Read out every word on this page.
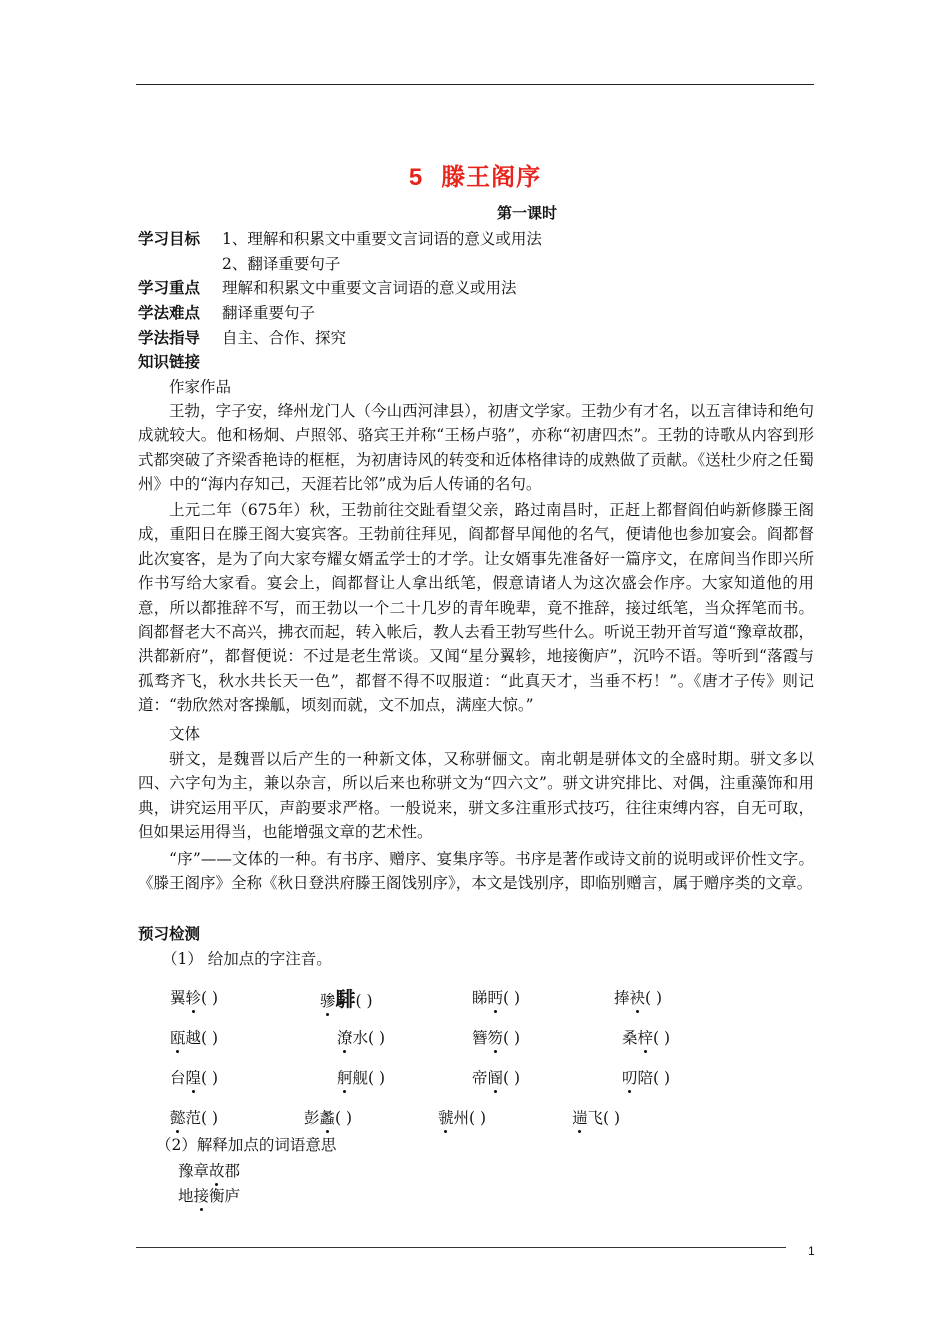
5 滕王阁序
第一课时
学习目标 1、理解和积累文中重要文言词语的意义或用法
2、翻译重要句子
学习重点 理解和积累文中重要文言词语的意义或用法
学法难点 翻译重要句子
学法指导 自主、合作、探究
知识链接
作家作品
王勃，字子安，绛州龙门人（今山西河津县），初唐文学家。王勃少有才名，以五言律诗和绝句成就较大。他和杨炯、卢照邻、骆宾王并称“王杨卢骆”，亦称“初唐四杰”。王勃的诗歌从内容到形式都突破了齐梁香艳诗的框框，为初唐诗风的转变和近体格律诗的成熟做了贡献。《送杜少府之任蜀州》中的“海内存知己，天涯若比邻”成为后人传诵的名句。
上元二年（675年）秋，王勃前往交趾看望父亲，路过南昌时，正赶上都督阎伯屿新修滕王阁成，重阳日在滕王阁大宴宾客。王勃前往拜见，阎都督早闻他的名气，便请他也参加宴会。阎都督此次宴客，是为了向大家夸耀女婿孟学士的才学。让女婿事先准备好一篇序文，在席间当作即兴所作书写给大家看。宴会上，阎都督让人拿出纸笔，假意请诸人为这次盛会作序。大家知道他的用意，所以都推辞不写，而王勃以一个二十几岁的青年晚辈，竟不推辞，接过纸笔，当众挥笔而书。阎都督老大不高兴，拂衣而起，转入帐后，教人去看王勃写些什么。听说王勃开首写道“豫章故郡，洪都新府”，都督便说：不过是老生常谈。又闻“星分翼轸，地接衡庐”，沉吟不语。等听到“落霞与孤骛齐飞，秋水共长天一色”，都督不得不叹服道：“此真天才，当垂不朽！”。《唐才子传》则记道：“勃欣然对客操觚，顷刻而就，文不加点，满座大惊。”
文体
骈文，是魏晋以后产生的一种新文体，又称骈俪文。南北朝是骈体文的全盛时期。骈文多以四、六字句为主，兼以杂言，所以后来也称骈文为“四六文”。骈文讲究排比、对偶，注重藻饰和用典，讲究运用平仄，声韵要求严格。一般说来，骈文多注重形式技巧，往往束缚内容，自无可取，但如果运用得当，也能增强文章的艺术性。
“序”——文体的一种。有书序、赠序、宴集序等。书序是著作或诗文前的说明或评价性文字。《滕王阁序》全称《秋日登洪府滕王阁饯别序》，本文是饯别序，即临别赠言，属于赠序类的文章。
预习检测
（1） 给加点的字注音。
翼轸( )	骖騑( )	睇眄( )	捧袂( )
瓯越( )	潦水( )	簪笏( )	桑梓( )
台隍( )	舸舰( )	帝阍( )	叨陪( )
懿范( )	彭蠡( )	虢州( )	遄飞( )
（2）解释加点的词语意思
豫章故郡
地接衡庐
1
